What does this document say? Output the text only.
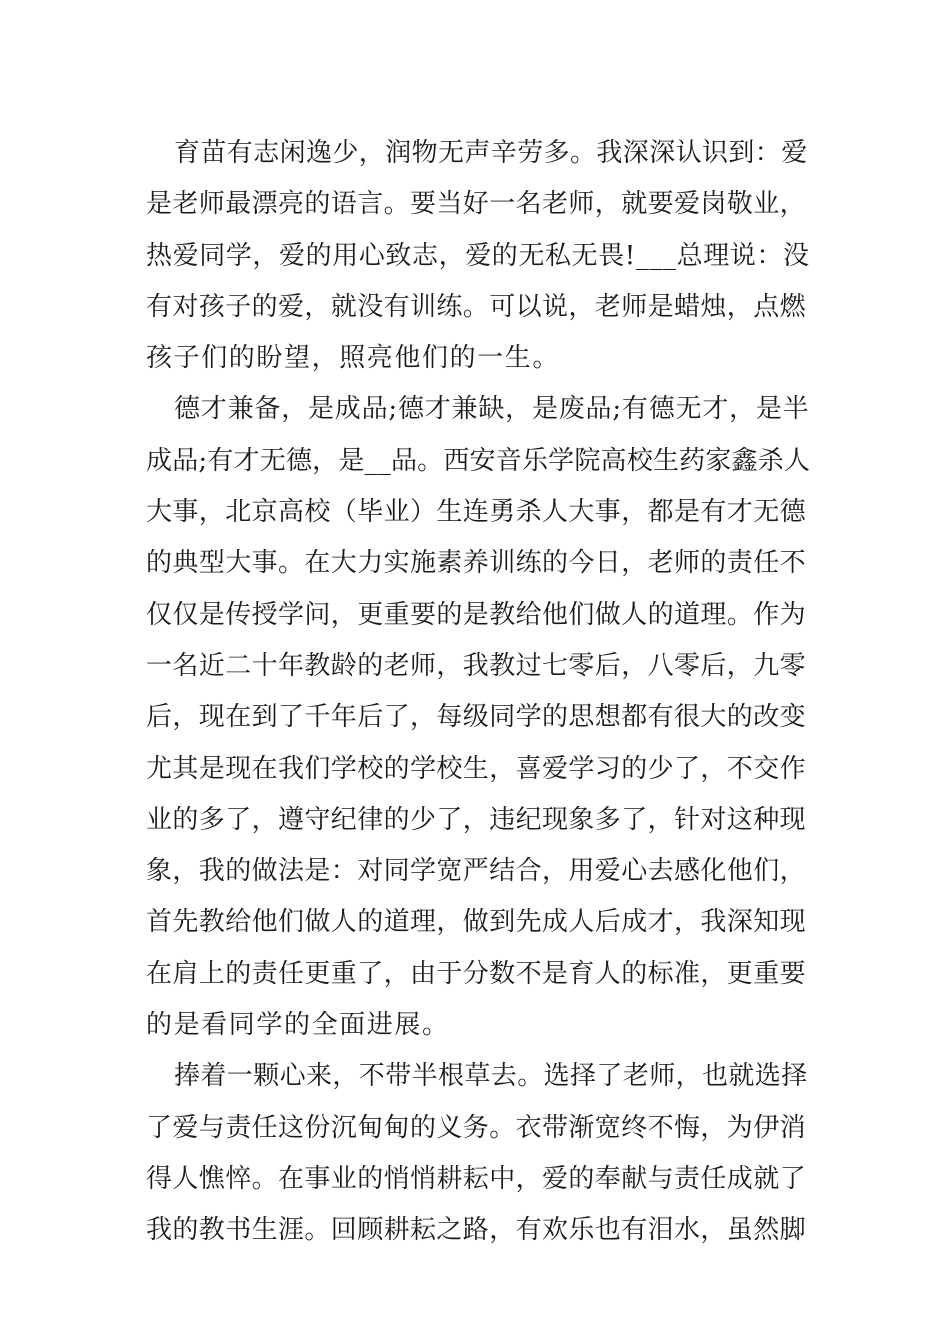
育苗有志闲逸少，润物无声辛劳多。我深深认识到：爱
是老师最漂亮的语言。要当好一名老师，就要爱岗敬业，
热爱同学，爱的用心致志，爱的无私无畏!___总理说：没
有对孩子的爱，就没有训练。可以说，老师是蜡烛，点燃
孩子们的盼望，照亮他们的一生。
德才兼备，是成品;德才兼缺，是废品;有德无才，是半
成品;有才无德，是__品。西安音乐学院高校生药家鑫杀人
大事，北京高校（毕业）生连勇杀人大事，都是有才无德
的典型大事。在大力实施素养训练的今日，老师的责任不
仅仅是传授学问，更重要的是教给他们做人的道理。作为
一名近二十年教龄的老师，我教过七零后，八零后，九零
后，现在到了千年后了，每级同学的思想都有很大的改变
尤其是现在我们学校的学校生，喜爱学习的少了，不交作
业的多了，遵守纪律的少了，违纪现象多了，针对这种现
象，我的做法是：对同学宽严结合，用爱心去感化他们，
首先教给他们做人的道理，做到先成人后成才，我深知现
在肩上的责任更重了，由于分数不是育人的标准，更重要
的是看同学的全面进展。
捧着一颗心来，不带半根草去。选择了老师，也就选择
了爱与责任这份沉甸甸的义务。衣带渐宽终不悔，为伊消
得人憔悴。在事业的悄悄耕耘中，爱的奉献与责任成就了
我的教书生涯。回顾耕耘之路，有欢乐也有泪水，虽然脚
